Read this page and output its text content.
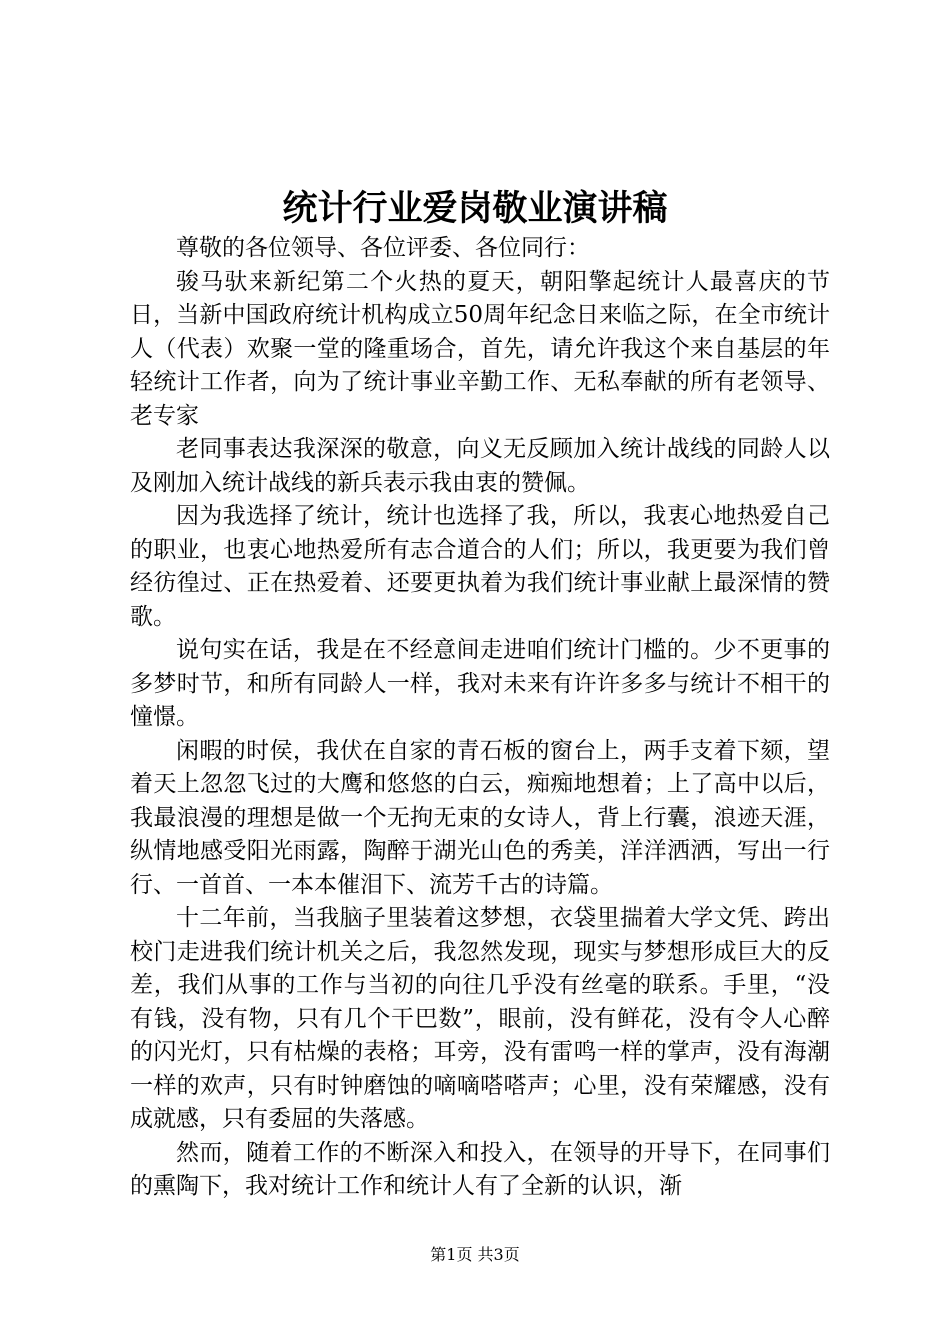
统计行业爱岗敬业演讲稿

尊敬的各位领导、各位评委、各位同行：

骏马驮来新纪第二个火热的夏天，朝阳擎起统计人最喜庆的节日，当新中国政府统计机构成立50周年纪念日来临之际，在全市统计人（代表）欢聚一堂的隆重场合，首先，请允许我这个来自基层的年轻统计工作者，向为了统计事业辛勤工作、无私奉献的所有老领导、老专家

老同事表达我深深的敬意，向义无反顾加入统计战线的同龄人以及刚加入统计战线的新兵表示我由衷的赞佩。

因为我选择了统计，统计也选择了我，所以，我衷心地热爱自己的职业，也衷心地热爱所有志合道合的人们；所以，我更要为我们曾经彷徨过、正在热爱着、还要更执着为我们统计事业献上最深情的赞歌。

说句实在话，我是在不经意间走进咱们统计门槛的。少不更事的多梦时节，和所有同龄人一样，我对未来有许许多多与统计不相干的憧憬。

闲暇的时侯，我伏在自家的青石板的窗台上，两手支着下颏，望着天上忽忽飞过的大鹰和悠悠的白云，痴痴地想着；上了高中以后，我最浪漫的理想是做一个无拘无束的女诗人，背上行囊，浪迹天涯，纵情地感受阳光雨露，陶醉于湖光山色的秀美，洋洋洒洒，写出一行行、一首首、一本本催泪下、流芳千古的诗篇。

十二年前，当我脑子里装着这梦想，衣袋里揣着大学文凭、跨出校门走进我们统计机关之后，我忽然发现，现实与梦想形成巨大的反差，我们从事的工作与当初的向往几乎没有丝毫的联系。手里，“没有钱，没有物，只有几个干巴数”，眼前，没有鲜花，没有令人心醉的闪光灯，只有枯燥的表格；耳旁，没有雷鸣一样的掌声，没有海潮一样的欢声，只有时钟磨蚀的嘀嘀嗒嗒声；心里，没有荣耀感，没有成就感，只有委屈的失落感。

然而，随着工作的不断深入和投入，在领导的开导下，在同事们的熏陶下，我对统计工作和统计人有了全新的认识，渐

第1页 共3页
